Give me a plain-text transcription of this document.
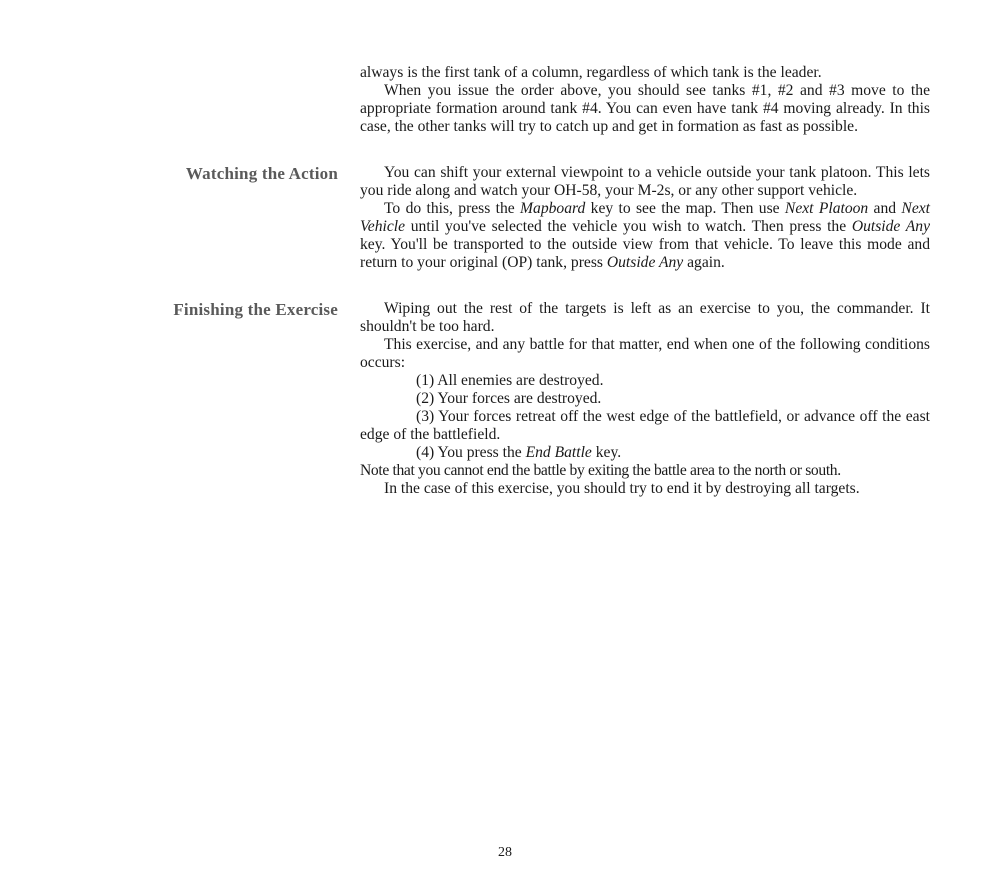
always is the first tank of a column, regardless of which tank is the leader.

When you issue the order above, you should see tanks #1, #2 and #3 move to the appropriate formation around tank #4. You can even have tank #4 moving already. In this case, the other tanks will try to catch up and get in formation as fast as possible.

Watching the Action	You can shift your external viewpoint to a vehicle outside your tank platoon. This lets you ride along and watch your OH-58, your M-2s, or any other support vehicle.

To do this, press the Mapboard key to see the map. Then use Next Platoon and Next Vehicle until you've selected the vehicle you wish to watch. Then press the Outside Any key. You'll be transported to the outside view from that vehicle. To leave this mode and return to your original (OP) tank, press Outside Any again.

Finishing the Exercise	Wiping out the rest of the targets is left as an exercise to you, the commander. It shouldn't be too hard.

This exercise, and any battle for that matter, end when one of the following conditions occurs:

(1) All enemies are destroyed.

(2) Your forces are destroyed.

(3) Your forces retreat off the west edge of the battlefield, or advance off the east edge of the battlefield.

(4) You press the End Battle key.

Note that you cannot end the battle by exiting the battle area to the north or south.

In the case of this exercise, you should try to end it by destroying all targets.

28
